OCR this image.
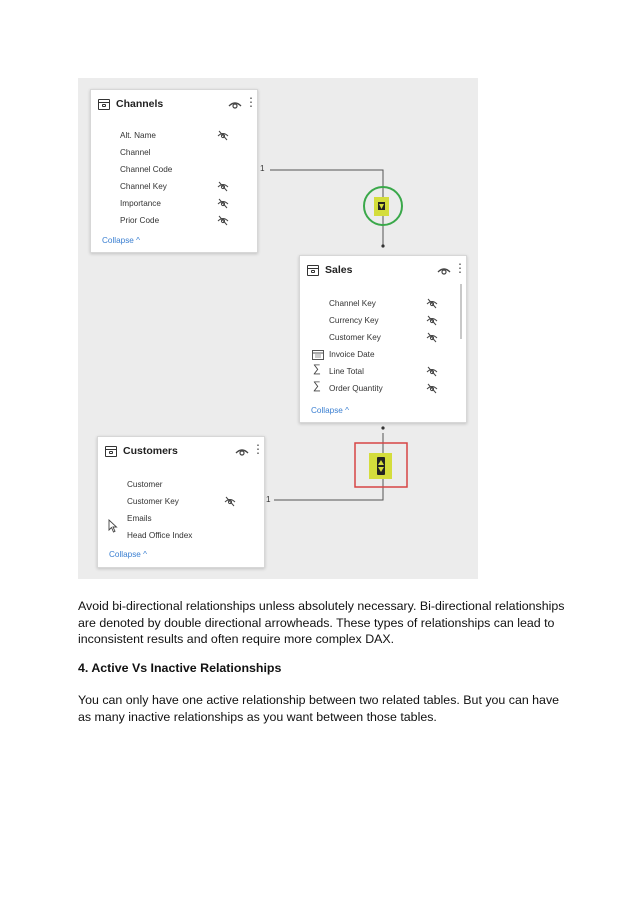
1
1
Channels	⋮
Alt. Name
Channel
Channel Code
Channel Key
Importance
Prior Code
Collapse ^
Sales	⋮
Channel Key
Currency Key
Customer Key
Invoice Date
Line Total
Order Quantity
∑
∑
Collapse ^
Customers	⋮
Customer
Customer Key
Emails
Head Office Index
Collapse ^
Avoid bi-directional relationships unless absolutely necessary. Bi-directional relationships are denoted by double directional arrowheads. These types of relationships can lead to inconsistent results and often require more complex DAX.
4. Active Vs Inactive Relationships
You can only have one active relationship between two related tables. But you can have as many inactive relationships as you want between those tables.
